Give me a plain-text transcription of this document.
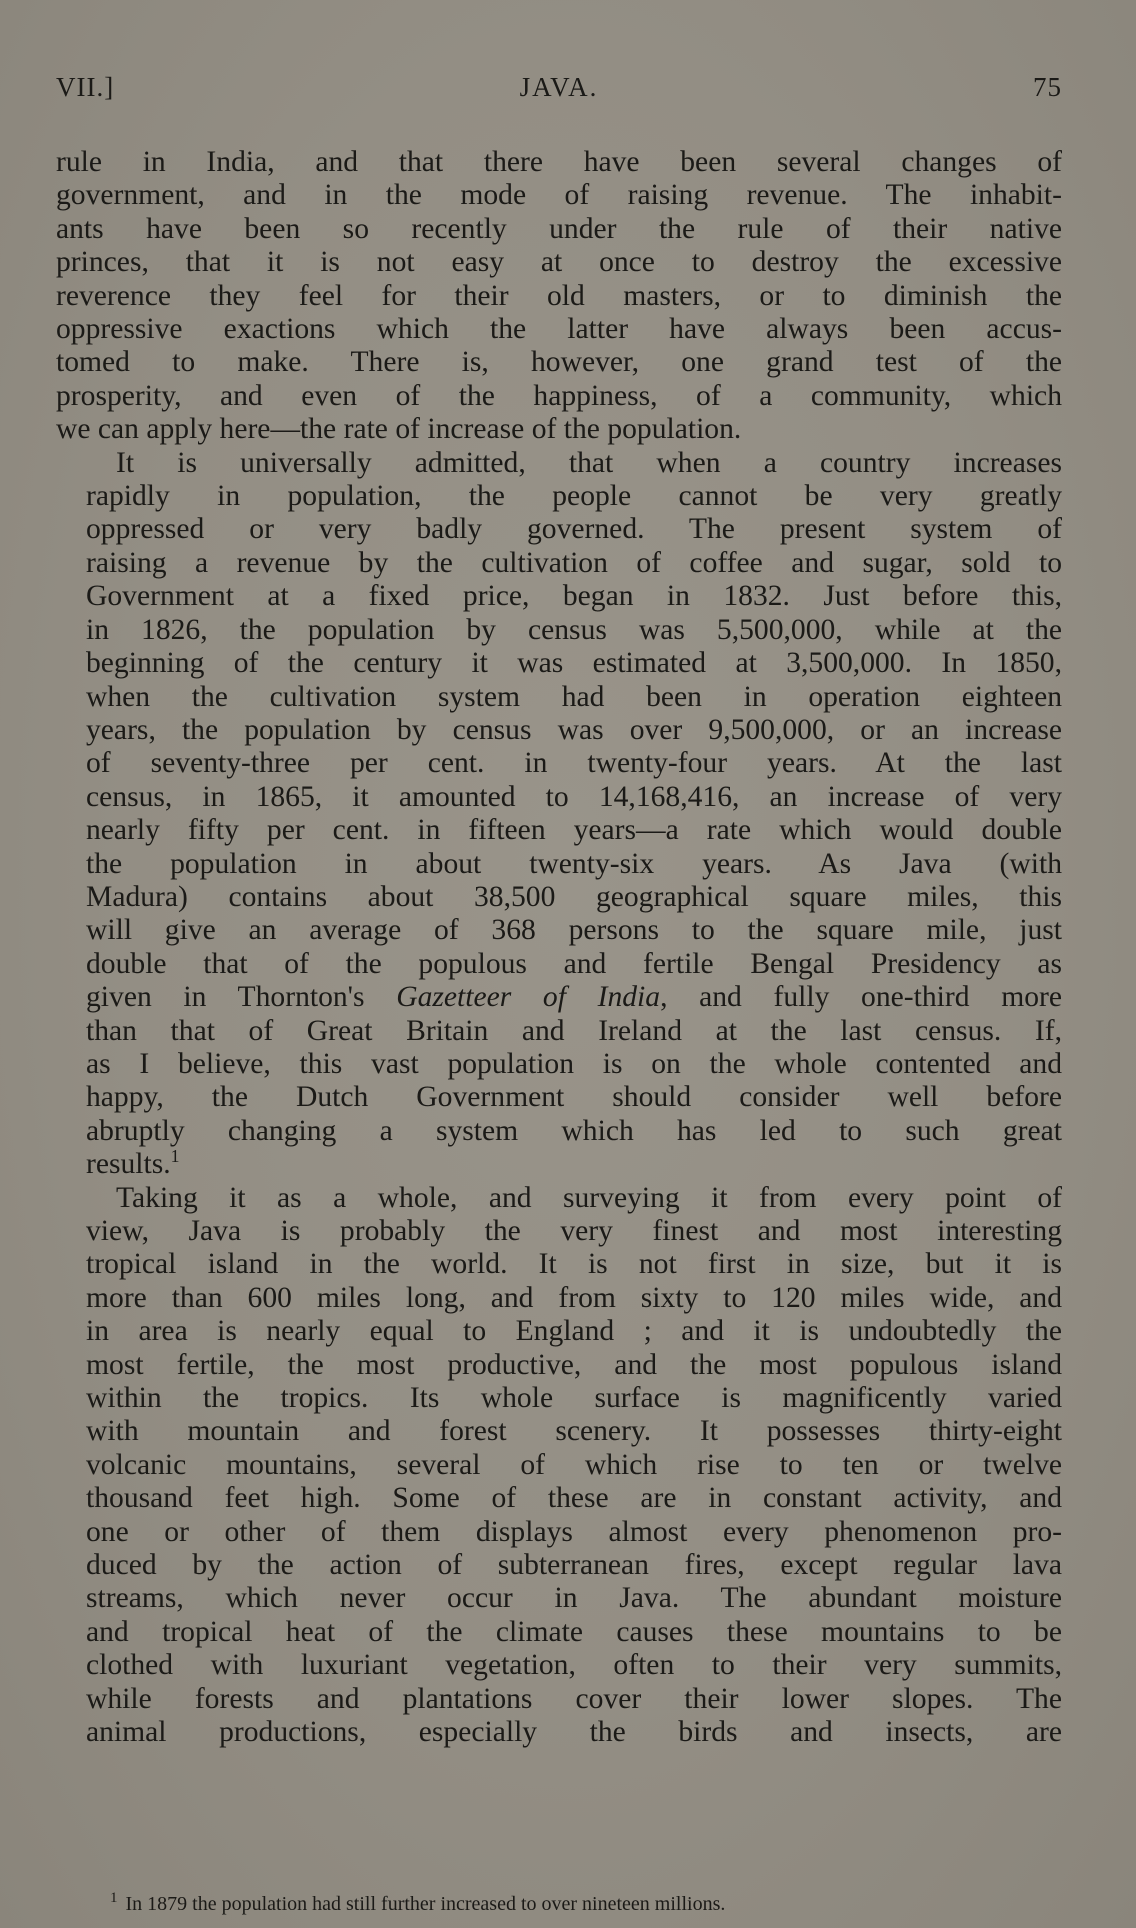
VII.]	JAVA.	75
rule in India, and that there have been several changes of
government, and in the mode of raising revenue. The inhabit-
ants have been so recently under the rule of their native
princes, that it is not easy at once to destroy the excessive
reverence they feel for their old masters, or to diminish the
oppressive exactions which the latter have always been accus-
tomed to make. There is, however, one grand test of the
prosperity, and even of the happiness, of a community, which
we can apply here—the rate of increase of the population.
It is universally admitted, that when a country increases
rapidly in population, the people cannot be very greatly
oppressed or very badly governed. The present system of
raising a revenue by the cultivation of coffee and sugar, sold to
Government at a fixed price, began in 1832. Just before this,
in 1826, the population by census was 5,500,000, while at the
beginning of the century it was estimated at 3,500,000. In 1850,
when the cultivation system had been in operation eighteen
years, the population by census was over 9,500,000, or an increase
of seventy-three per cent. in twenty-four years. At the last
census, in 1865, it amounted to 14,168,416, an increase of very
nearly fifty per cent. in fifteen years—a rate which would double
the population in about twenty-six years. As Java (with
Madura) contains about 38,500 geographical square miles, this
will give an average of 368 persons to the square mile, just
double that of the populous and fertile Bengal Presidency as
given in Thornton's Gazetteer of India, and fully one-third more
than that of Great Britain and Ireland at the last census. If,
as I believe, this vast population is on the whole contented and
happy, the Dutch Government should consider well before
abruptly changing a system which has led to such great
results.$^1$
Taking it as a whole, and surveying it from every point of
view, Java is probably the very finest and most interesting
tropical island in the world. It is not first in size, but it is
more than 600 miles long, and from sixty to 120 miles wide, and
in area is nearly equal to England ; and it is undoubtedly the
most fertile, the most productive, and the most populous island
within the tropics. Its whole surface is magnificently varied
with mountain and forest scenery. It possesses thirty-eight
volcanic mountains, several of which rise to ten or twelve
thousand feet high. Some of these are in constant activity, and
one or other of them displays almost every phenomenon pro-
duced by the action of subterranean fires, except regular lava
streams, which never occur in Java. The abundant moisture
and tropical heat of the climate causes these mountains to be
clothed with luxuriant vegetation, often to their very summits,
while forests and plantations cover their lower slopes. The
animal productions, especially the birds and insects, are
$^1$ In 1879 the population had still further increased to over nineteen millions.
